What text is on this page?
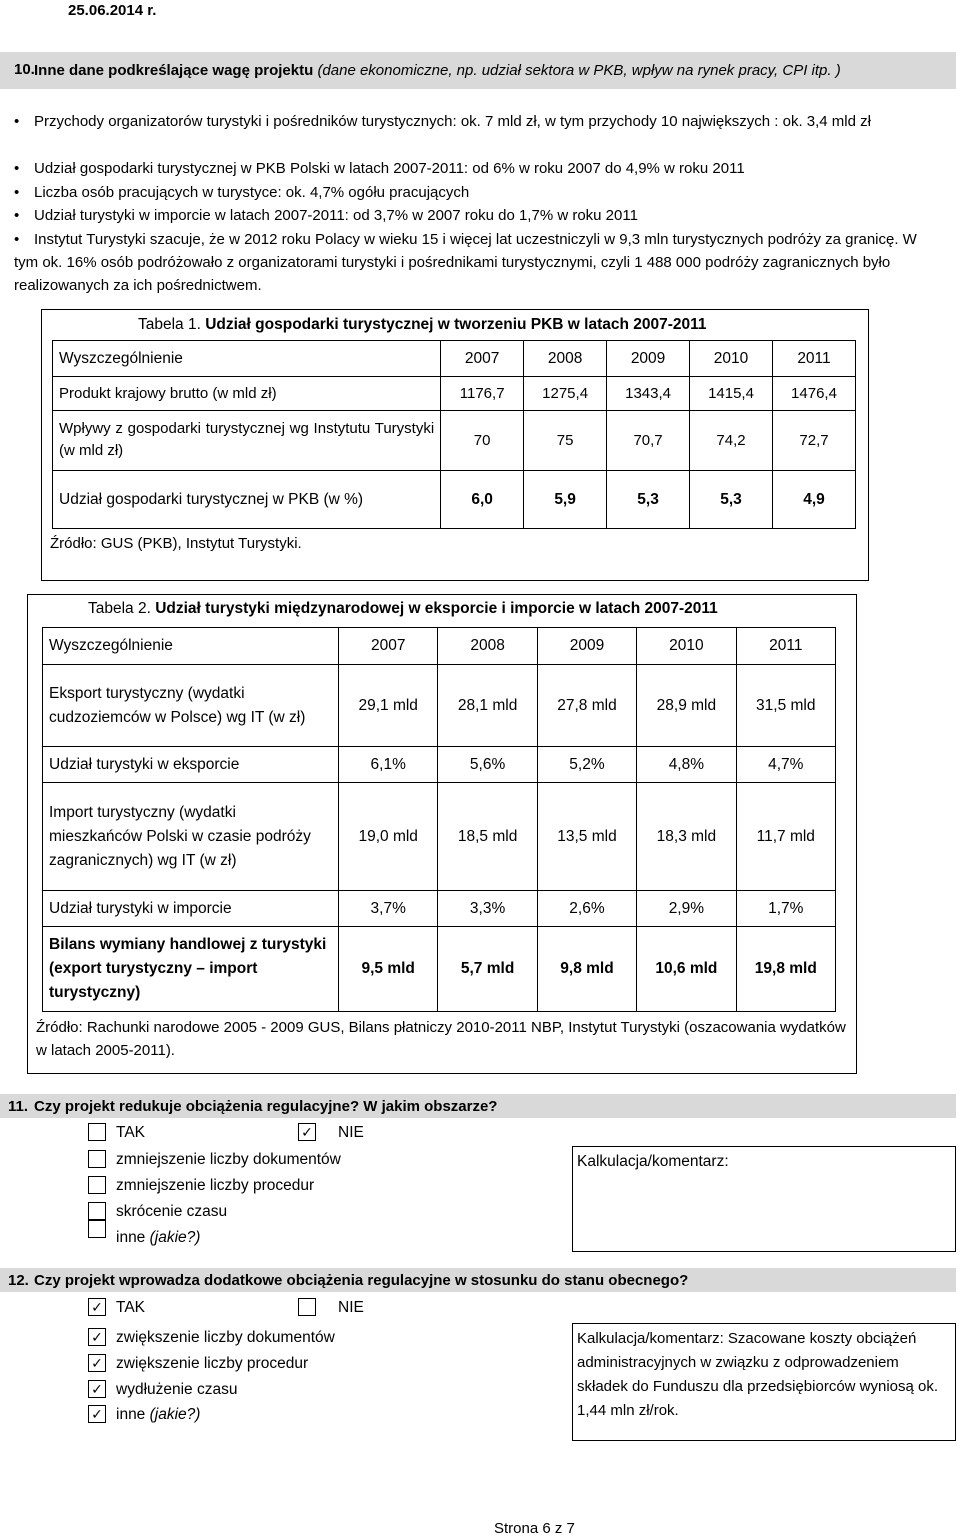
25.06.2014 r.
10. Inne dane podkreślające wagę projektu (dane ekonomiczne, np. udział sektora w PKB, wpływ na rynek pracy, CPI itp. )
• Przychody organizatorów turystyki i pośredników turystycznych: ok. 7 mld zł, w tym przychody 10 największych : ok. 3,4 mld zł
• Udział gospodarki turystycznej w PKB Polski w latach 2007-2011: od 6% w roku 2007 do 4,9% w roku 2011
• Liczba osób pracujących w turystyce: ok. 4,7% ogółu pracujących
• Udział turystyki w imporcie w latach 2007-2011: od 3,7% w 2007 roku do 1,7% w roku 2011
• Instytut Turystyki szacuje, że w 2012 roku Polacy w wieku 15 i więcej lat uczestniczyli w 9,3 mln turystycznych podróży za granicę. W tym ok. 16% osób podróżowało z organizatorami turystyki i pośrednikami turystycznymi, czyli 1 488 000 podróży zagranicznych było realizowanych za ich pośrednictwem.
Tabela 1. Udział gospodarki turystycznej w tworzeniu PKB w latach 2007-2011
Wyszczególnienie	2007	2008	2009	2010	2011
Produkt krajowy brutto (w mld zł)	1176,7	1275,4	1343,4	1415,4	1476,4
Wpływy z gospodarki turystycznej wg Instytutu Turystyki (w mld zł)	70	75	70,7	74,2	72,7
Udział gospodarki turystycznej w PKB (w %)	6,0	5,9	5,3	5,3	4,9
Źródło: GUS (PKB), Instytut Turystyki.
Tabela 2. Udział turystyki międzynarodowej w eksporcie i imporcie w latach 2007-2011
Wyszczególnienie	2007	2008	2009	2010	2011
Eksport turystyczny (wydatki cudzoziemców w Polsce) wg IT (w zł)	29,1 mld	28,1 mld	27,8 mld	28,9 mld	31,5 mld
Udział turystyki w eksporcie	6,1%	5,6%	5,2%	4,8%	4,7%
Import turystyczny (wydatki mieszkańców Polski w czasie podróży zagranicznych) wg IT (w zł)	19,0 mld	18,5 mld	13,5 mld	18,3 mld	11,7 mld
Udział turystyki w imporcie	3,7%	3,3%	2,6%	2,9%	1,7%
Bilans wymiany handlowej z turystyki (export turystyczny – import turystyczny)	9,5 mld	5,7 mld	9,8 mld	10,6 mld	19,8 mld
Źródło: Rachunki narodowe 2005 - 2009 GUS, Bilans płatniczy 2010-2011 NBP, Instytut Turystyki (oszacowania wydatków w latach 2005-2011).
11. Czy projekt redukuje obciążenia regulacyjne? W jakim obszarze?
TAK	✓ NIE
zmniejszenie liczby dokumentów
zmniejszenie liczby procedur
skrócenie czasu
inne (jakie?)
Kalkulacja/komentarz:
12. Czy projekt wprowadza dodatkowe obciążenia regulacyjne w stosunku do stanu obecnego?
✓ TAK	NIE
✓ zwiększenie liczby dokumentów
✓ zwiększenie liczby procedur
✓ wydłużenie czasu
✓ inne (jakie?)
Kalkulacja/komentarz: Szacowane koszty obciążeń administracyjnych w związku z odprowadzeniem składek do Funduszu dla przedsiębiorców wyniosą ok. 1,44 mln zł/rok.
Strona 6 z 7
